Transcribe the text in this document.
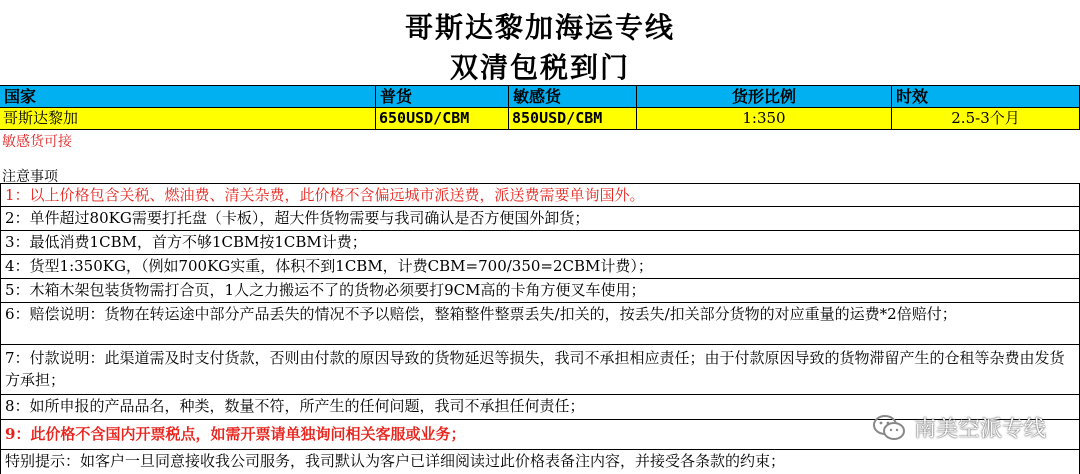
哥斯达黎加海运专线
双清包税到门
国家	普货	敏感货	货形比例	时效
哥斯达黎加	650USD/CBM	850USD/CBM	1:350	2.5-3个月
敏感货可接
注意事项
1：以上价格包含关税、燃油费、清关杂费，此价格不含偏远城市派送费，派送费需要单询国外。
2：单件超过80KG需要打托盘（卡板），超大件货物需要与我司确认是否方便国外卸货；
3：最低消费1CBM，首方不够1CBM按1CBM计费；
4：货型1:350KG，（例如700KG实重，体积不到1CBM，计费CBM=700/350=2CBM计费）；
5：木箱木架包装货物需打合页，1人之力搬运不了的货物必须要打9CM高的卡角方便叉车使用；
6：赔偿说明：货物在转运途中部分产品丢失的情况不予以赔偿，整箱整件整票丢失/扣关的，按丢失/扣关部分货物的对应重量的运费*2倍赔付；
7：付款说明：此渠道需及时支付货款，否则由付款的原因导致的货物延迟等损失，我司不承担相应责任；由于付款原因导致的货物滞留产生的仓租等杂费由发货方承担；
8：如所申报的产品品名，种类，数量不符，所产生的任何问题，我司不承担任何责任；
9：此价格不含国内开票税点，如需开票请单独询问相关客服或业务；
特别提示：如客户一旦同意接收我公司服务，我司默认为客户已详细阅读过此价格表备注内容，并接受各条款的约束；
南美空派专线
